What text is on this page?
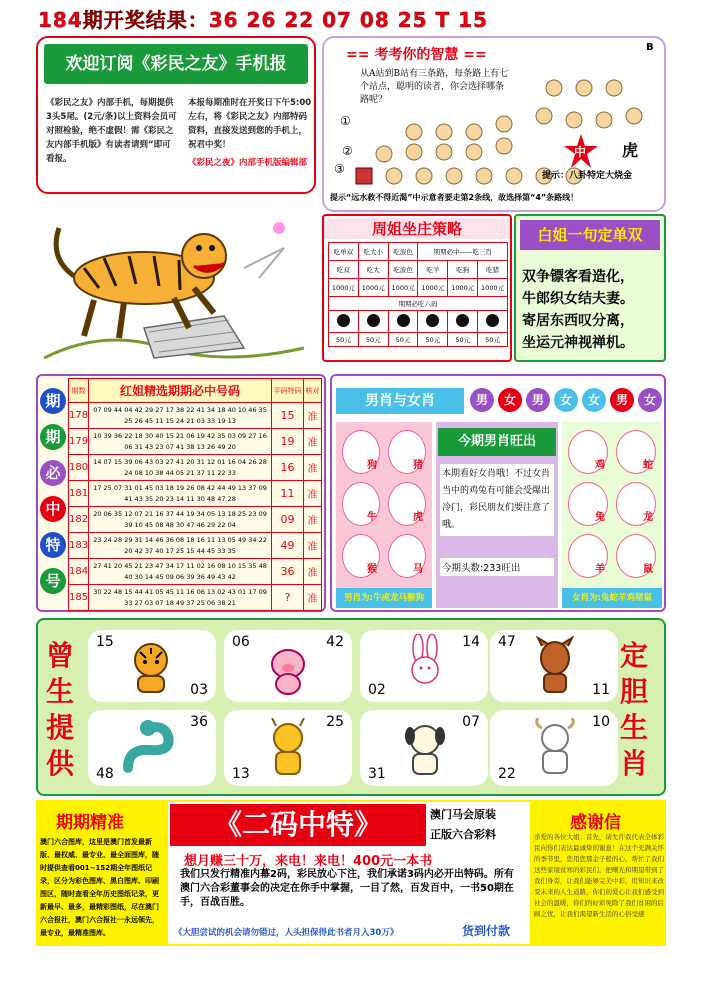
184期开奖结果：36 26 22 07 08 25 T 15
欢迎订阅《彩民之友》手机报
《彩民之友》内部手机，每期提供3头5尾。(2元/条)以上资料会员可对照检验，绝不虚假！需《彩民之友内部手机版》有读者请到“即可看报。
本报每期准时在开奖日下午5:00左右，将《彩民之友》内部特码资料，直接发送到您的手机上，祝君中奖！
《彩民之夜》内部手机版编辑部
== 考考你的智慧 ==	B
从A站到B站有三条路，每条路上有七个站点，聪明的读者，你会选择哪条路呢？
①
②
③
中 虎
提示：八卦特定大烧金
提示“远水救不得近渴”中示意者要走第2条线，故选择第“4”条路线！
周姐坐庄策略
吃单双	吃大小	吃波色	期期必中——吃三肖		
吃双	吃大	吃波色	吃羊	吃狗	吃猪
1000元	1000元	1000元	1000元	1000元	1000元
期期必吃六码					

50元	50元	50元	50元	50元	50元
白姐一句定单双
双争镖客看造化，
牛郎织女结夫妻。
寄居东西叹分离，
坐运元神视禅机。
期
期
必
中
特
号
期数	红姐精选期期必中号码	平码特码	核对
178	07 09 44 04 42 29 27 17 38 22 41 34 18 40 10 46 35 25 26 45 11 15 24 21 03 33 19 13	15	准
179	10 39 36 22 18 30 40 15 21 06 19 42 35 03 09 27 16 06 31 43 23 07 41 38 13 26 49 20	19	准
180	14 07 15 39 06 43 03 27 41 20 31 12 01 16 04 26 28 24 08 10 38 44 05 21 37 11 22 33	16	准
181	17 25 07 31 01 45 03 18 19 26 08 42 44 49 13 37 09 41 43 35 20 23 14 11 30 48 47 28	11	准
182	20 06 35 12 07 21 16 37 44 19 34 05 13 18 25 23 09 39 10 45 08 48 30 47 46 29 22 04	09	准
183	23 24 28 29 31 14 46 36 08 18 16 11 13 05 49 34 22 20 42 37 40 17 25 15 44 45 33 35	49	准
184	27 41 20 45 21 23 47 34 17 11 02 16 08 10 15 35 48 40 30 14 45 09 06 39 36 49 43 42	36	准
185	30 22 48 15 44 41 05 45 11 16 06 13 02 43 01 17 09 33 27 03 07 18 49 37 25 06 38 21	?	准
男肖与女肖	男	女	男	女	女	男	女
狗	猪
牛	虎
猴	马
男肖为:牛虎龙马猴狗
今期男肖旺出
本期看好女肖哦！不过女肖当中的鸡兔有可能会受爆出冷门，彩民朋友们要注意了哦。
今期头数:233旺出
鸡	蛇
兔	龙
羊	鼠
女肖为:兔蛇羊鸡猪鼠
曾
生
提
供
定
胆
生
肖
15
03
06	42	14
02
47
11
36
48
25
13
07
31
10
22
期期精准
澳门六合图库，这里是澳门首发最新版、最权威、最专业、最全面图库，随时提供查看001~152期全年图纸记录，区分为彩色图库、黑白图库、印刷图区，随时查看全年历史图纸记录，更新最早、最多，最精彩图纸，尽在澳门六合报社，澳门六合报社一永远领先，最专业，最精准图库。
《二码中特》	澳门马会原装
正版六合彩料
想月赚三十万，来电！来电！400元一本书
我们只发行精准内幕2码，彩民放心下注，我们承诺3码内必开出特码。所有澳门六合彩董事会的决定在你手中掌握，一目了然，百发百中，一书50期在手，百战百胜。
《大胆尝试的机会请勿错过，人头担保得此书者月入30万》	货到付款
感谢信
亲爱的各位大姐：首先，请允许我代表全体彩民向你们表达最诚挚的谢意！在这个充满关怀的季节里，您用您那金子般的心，帮忙了我们这些家境贫寒的彩民们，把曙光和期望带到了我们身旁，让我们能够完美中彩，用知识来改变未来的人生道路，你们的爱心让我们感受到社会的温暖，你们的好彩免除了我们贫困的后顾之忧，让我们渴望新生活的心俗受感
